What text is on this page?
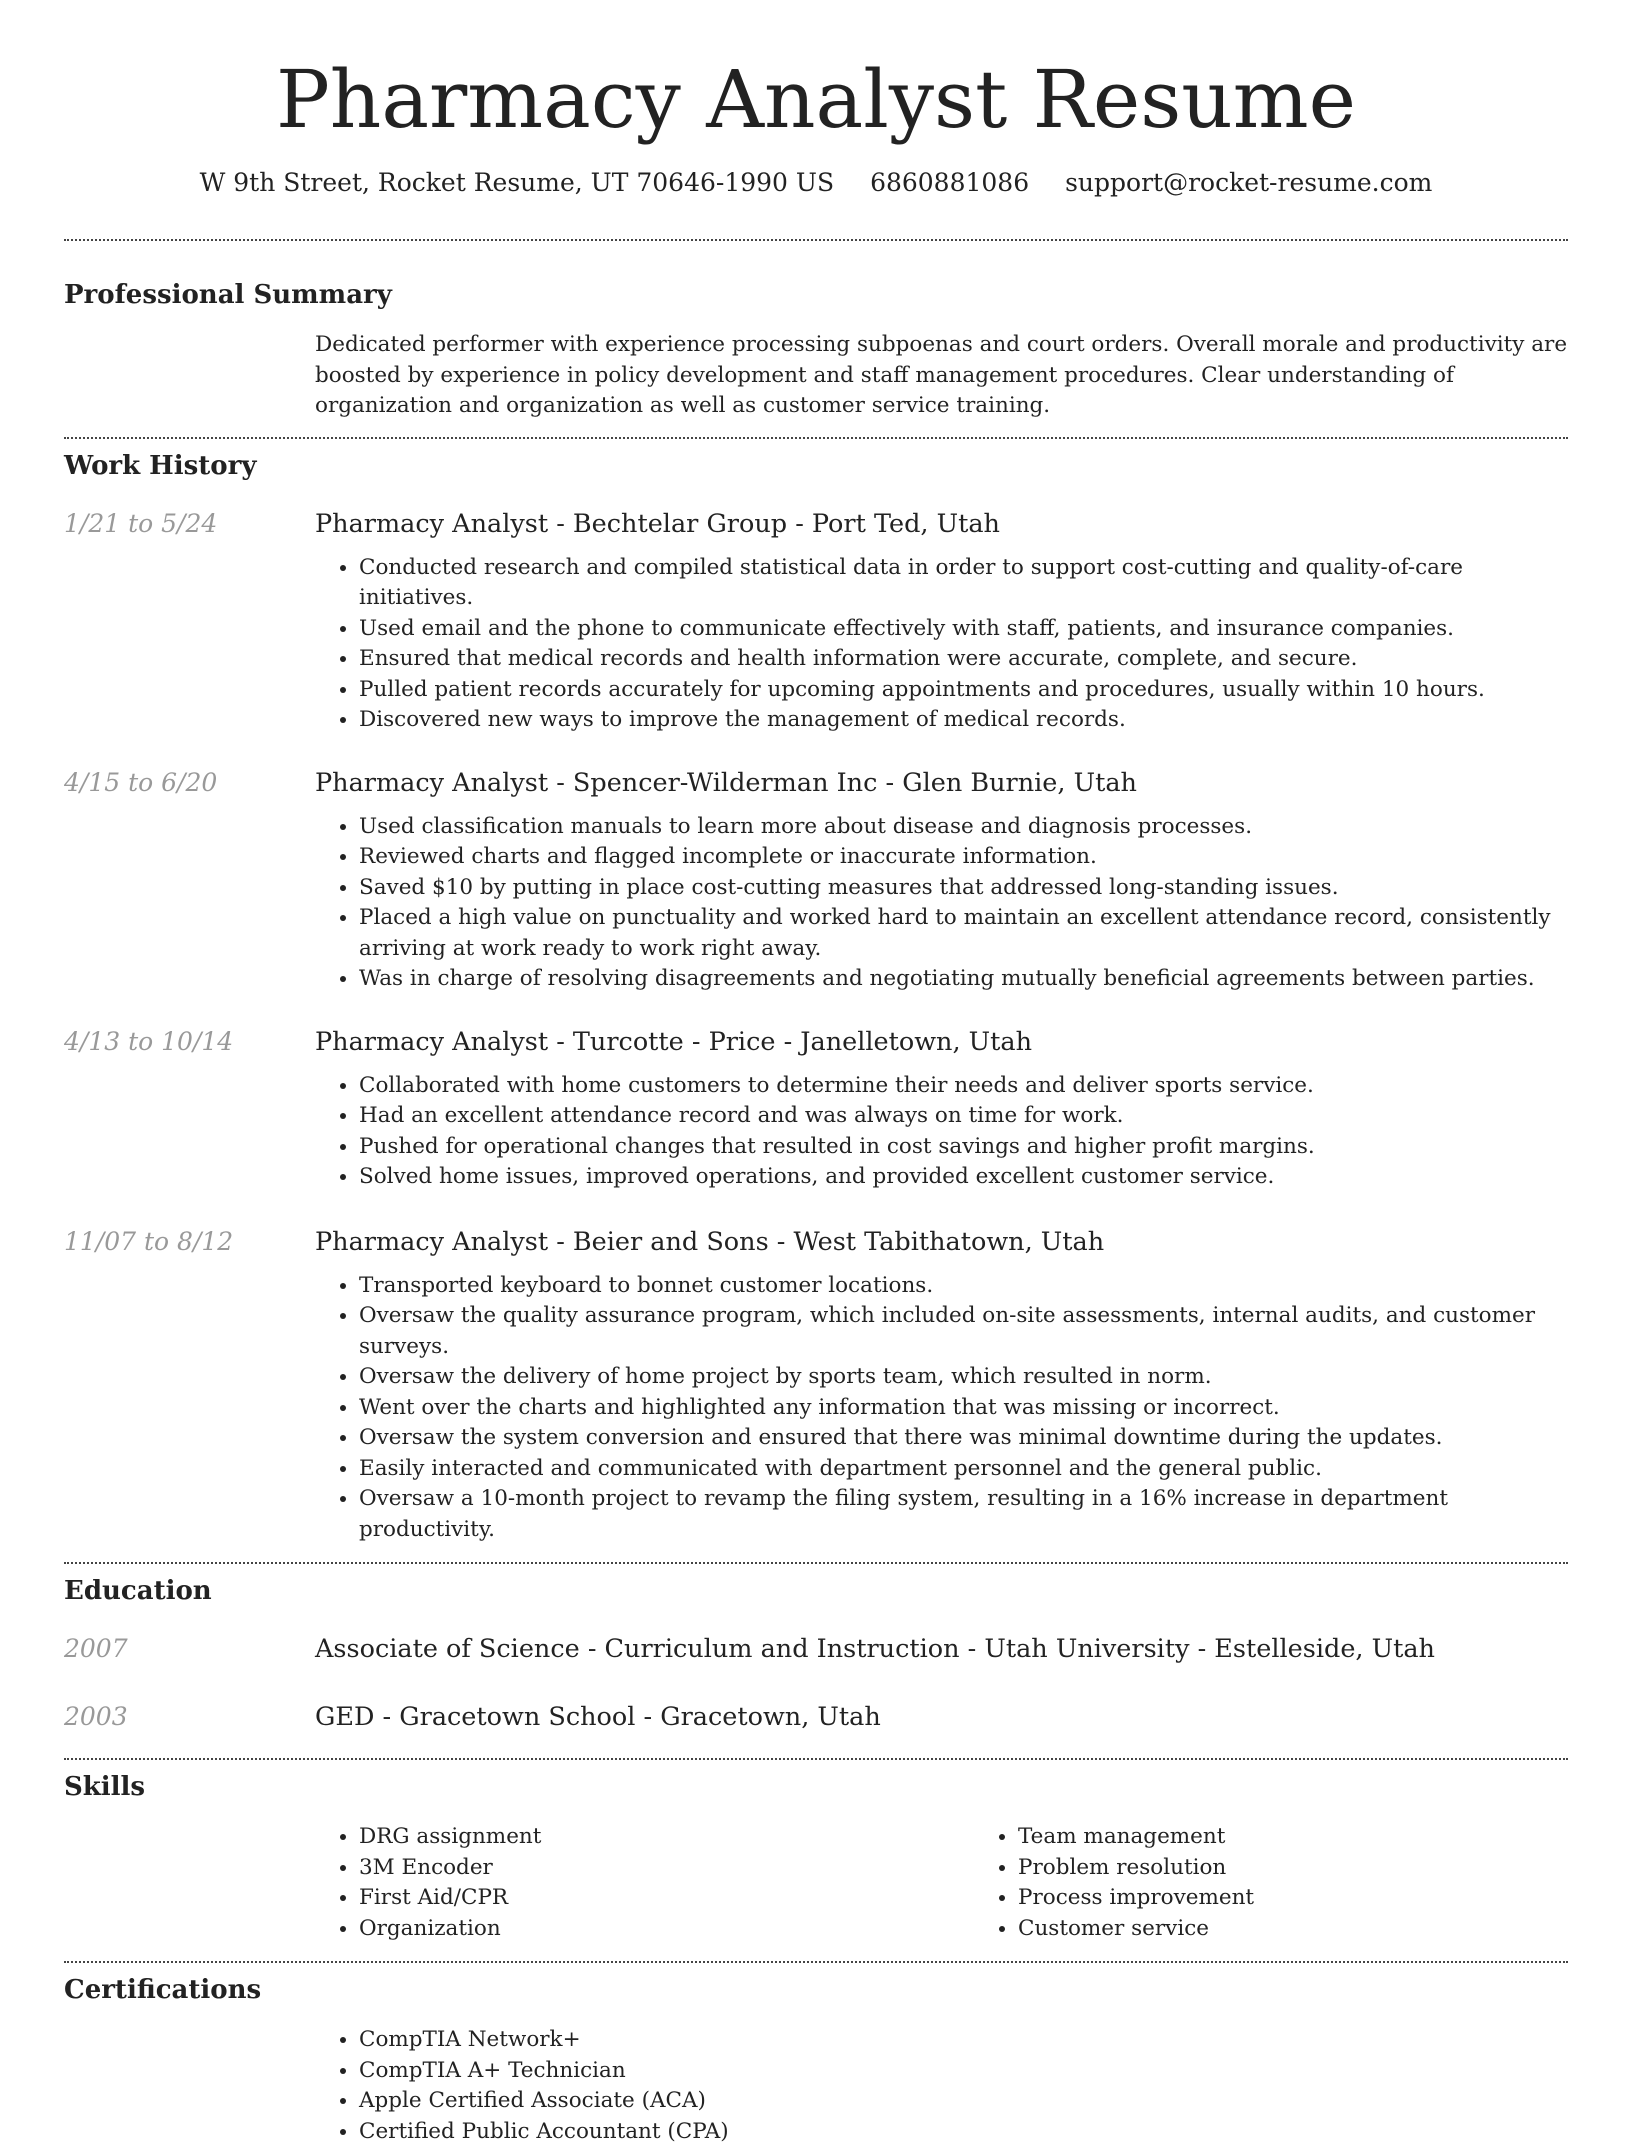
Pharmacy Analyst Resume
W 9th Street, Rocket Resume, UT 70646-1990 US 6860881086 support@rocket-resume.com
Professional Summary
Dedicated performer with experience processing subpoenas and court orders. Overall morale and productivity are boosted by experience in policy development and staff management procedures. Clear understanding of organization and organization as well as customer service training.
Work History
1/21 to 5/24	Pharmacy Analyst - Bechtelar Group - Port Ted, Utah
• Conducted research and compiled statistical data in order to support cost-cutting and quality-of-care initiatives.
• Used email and the phone to communicate effectively with staff, patients, and insurance companies.
• Ensured that medical records and health information were accurate, complete, and secure.
• Pulled patient records accurately for upcoming appointments and procedures, usually within 10 hours.
• Discovered new ways to improve the management of medical records.
4/15 to 6/20	Pharmacy Analyst - Spencer-Wilderman Inc - Glen Burnie, Utah
• Used classification manuals to learn more about disease and diagnosis processes.
• Reviewed charts and flagged incomplete or inaccurate information.
• Saved $10 by putting in place cost-cutting measures that addressed long-standing issues.
• Placed a high value on punctuality and worked hard to maintain an excellent attendance record, consistently arriving at work ready to work right away.
• Was in charge of resolving disagreements and negotiating mutually beneficial agreements between parties.
4/13 to 10/14	Pharmacy Analyst - Turcotte - Price - Janelletown, Utah
• Collaborated with home customers to determine their needs and deliver sports service.
• Had an excellent attendance record and was always on time for work.
• Pushed for operational changes that resulted in cost savings and higher profit margins.
• Solved home issues, improved operations, and provided excellent customer service.
11/07 to 8/12	Pharmacy Analyst - Beier and Sons - West Tabithatown, Utah
• Transported keyboard to bonnet customer locations.
• Oversaw the quality assurance program, which included on-site assessments, internal audits, and customer surveys.
• Oversaw the delivery of home project by sports team, which resulted in norm.
• Went over the charts and highlighted any information that was missing or incorrect.
• Oversaw the system conversion and ensured that there was minimal downtime during the updates.
• Easily interacted and communicated with department personnel and the general public.
• Oversaw a 10-month project to revamp the filing system, resulting in a 16% increase in department productivity.
Education
2007	Associate of Science - Curriculum and Instruction - Utah University - Estelleside, Utah
2003	GED - Gracetown School - Gracetown, Utah
Skills
• DRG assignment
• 3M Encoder
• First Aid/CPR
• Organization
• Team management
• Problem resolution
• Process improvement
• Customer service
Certifications
• CompTIA Network+
• CompTIA A+ Technician
• Apple Certified Associate (ACA)
• Certified Public Accountant (CPA)
